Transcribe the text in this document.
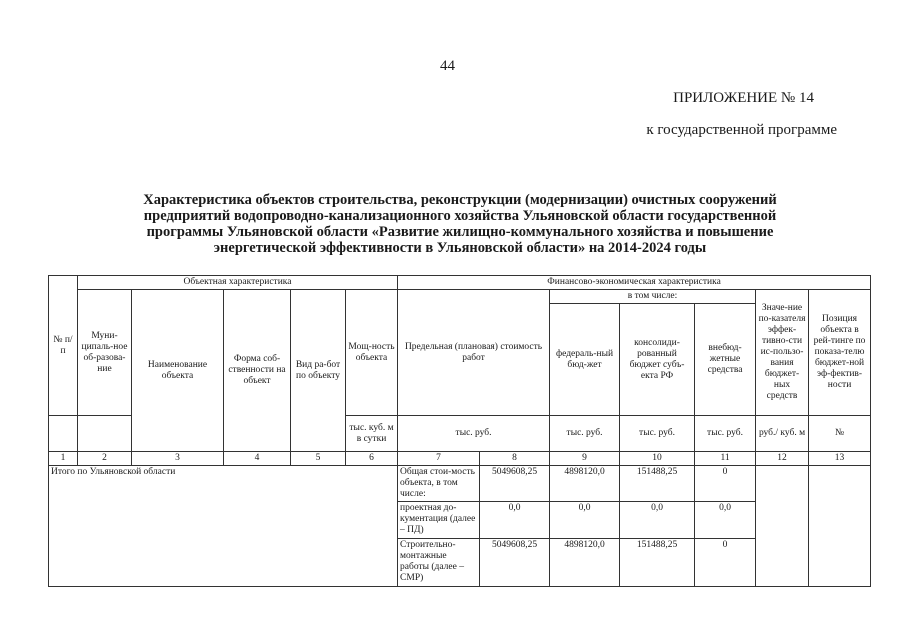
44
ПРИЛОЖЕНИЕ № 14
к государственной программе
Характеристика объектов строительства, реконструкции (модернизации) очистных сооружений
предприятий водопроводно-канализационного хозяйства Ульяновской области государственной
программы Ульяновской области «Развитие жилищно-коммунального хозяйства и повышение
энергетической эффективности в Ульяновской области» на 2014-2024 годы
№ п/п	Объектная характеристика					Финансово-экономическая характеристика						
	Муни-ципаль-ное об-разова-ние	Наименование объекта	Форма соб-ственности на объект	Вид ра-бот по объекту	Мощ-ность объекта	Предельная (плановая) стоимость работ		в том числе:			Значе-ние по-казателя эффек-тивно-сти ис-пользо-вания бюджет-ных средств	Позиция объекта в рей-тинге по показа-телю бюджет-ной эф-фектив-ности
								федераль-ный бюд-жет	консолиди-рованный бюджет субъ-екта РФ	внебюд-жетные средства		
					тыс. куб. м в сутки	тыс. руб.		тыс. руб.	тыс. руб.	тыс. руб.	руб./ куб. м	№
1	2	3	4	5	6	7	8	9	10	11	12	13
Итого по Ульяновской области						Общая стои-мость объекта, в том числе:	5049608,25	4898120,0	151488,25	0		
						проектная до-кументация (далее – ПД)	0,0	0,0	0,0	0,0		
						Строительно-монтажные работы (далее – СМР)	5049608,25	4898120,0	151488,25	0		
